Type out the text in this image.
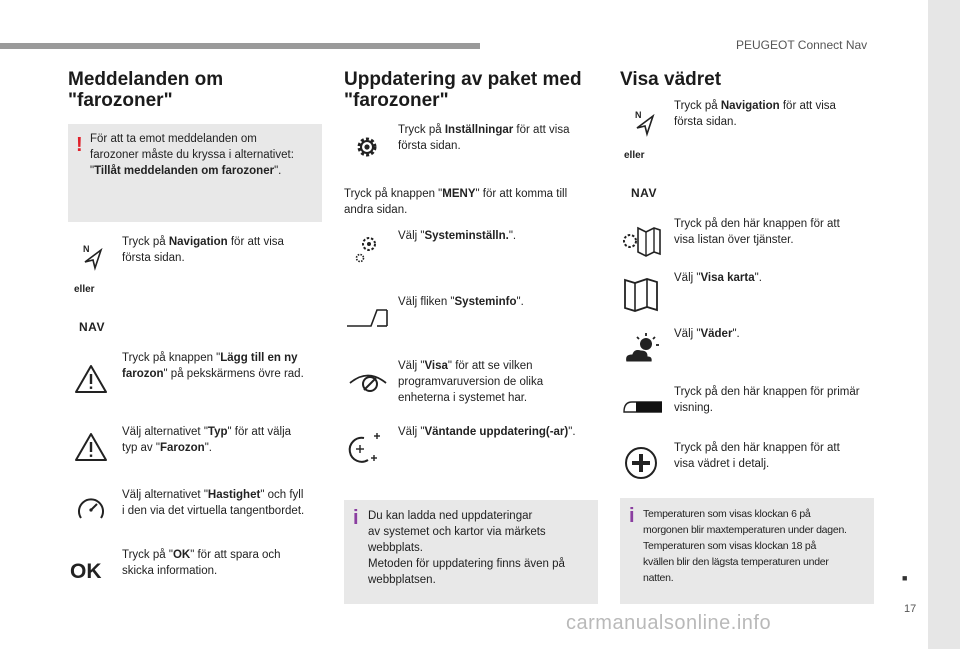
PEUGEOT Connect Nav
■
17
carmanualsonline.info
Meddelanden om
"farozoner"
! För att ta emot meddelanden om
farozoner måste du kryssa i alternativet:
"Tillåt meddelanden om farozoner".
N
Tryck på Navigation för att visa
första sidan.
eller
NAV
Tryck på knappen "Lägg till en ny
farozon" på pekskärmens övre rad.
Välj alternativet "Typ" för att välja
typ av "Farozon".
Välj alternativet "Hastighet" och fyll
i den via det virtuella tangentbordet.
OK
Tryck på "OK" för att spara och
skicka information.
Uppdatering av paket med
"farozoner"
Tryck på Inställningar för att visa
första sidan.
Tryck på knappen "MENY" för att komma till
andra sidan.
Välj "Systeminställn.".
Välj fliken "Systeminfo".
Välj "Visa" för att se vilken
programvaruversion de olika
enheterna i systemet har.
Välj "Väntande uppdatering(-ar)".
i Du kan ladda ned uppdateringar
av systemet och kartor via märkets
webbplats.
Metoden för uppdatering finns även på
webbplatsen.
Visa vädret
N
Tryck på Navigation för att visa
första sidan.
eller
NAV
Tryck på den här knappen för att
visa listan över tjänster.
Välj "Visa karta".
Välj "Väder".
Tryck på den här knappen för primär
visning.
Tryck på den här knappen för att
visa vädret i detalj.
i Temperaturen som visas klockan 6 på
morgonen blir maxtemperaturen under dagen.
Temperaturen som visas klockan 18 på
kvällen blir den lägsta temperaturen under
natten.
